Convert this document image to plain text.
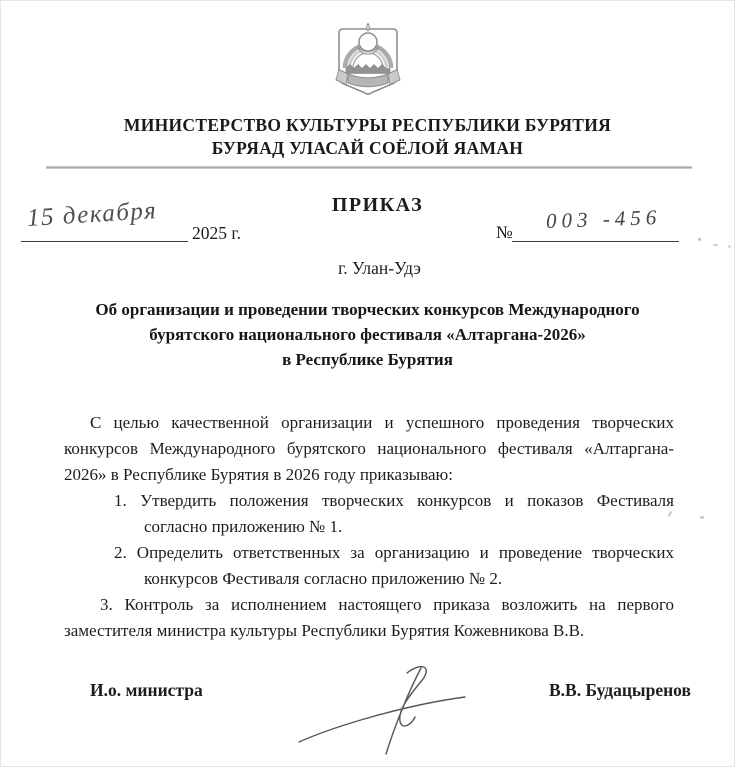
МИНИСТЕРСТВО КУЛЬТУРЫ РЕСПУБЛИКИ БУРЯТИЯ
БУРЯАД УЛАСАЙ СОЁЛОЙ ЯАМАН
ПРИКАЗ
15 декабря
2025 г.	№ 003 -456
г. Улан-Удэ
Об организации и проведении творческих конкурсов Международного
бурятского национального фестиваля «Алтаргана-2026»
в Республике Бурятия
С целью качественной организации и успешного проведения творческих
конкурсов Международного бурятского национального фестиваля «Алтаргана-
2026» в Республике Бурятия в 2026 году приказываю:
1. Утвердить положения творческих конкурсов и показов Фестиваля
согласно приложению № 1.
2. Определить ответственных за организацию и проведение творческих
конкурсов Фестиваля согласно приложению № 2.
3. Контроль за исполнением настоящего приказа возложить на первого
заместителя министра культуры Республики Бурятия Кожевникова В.В.
И.о. министра	В.В. Будацыренов
